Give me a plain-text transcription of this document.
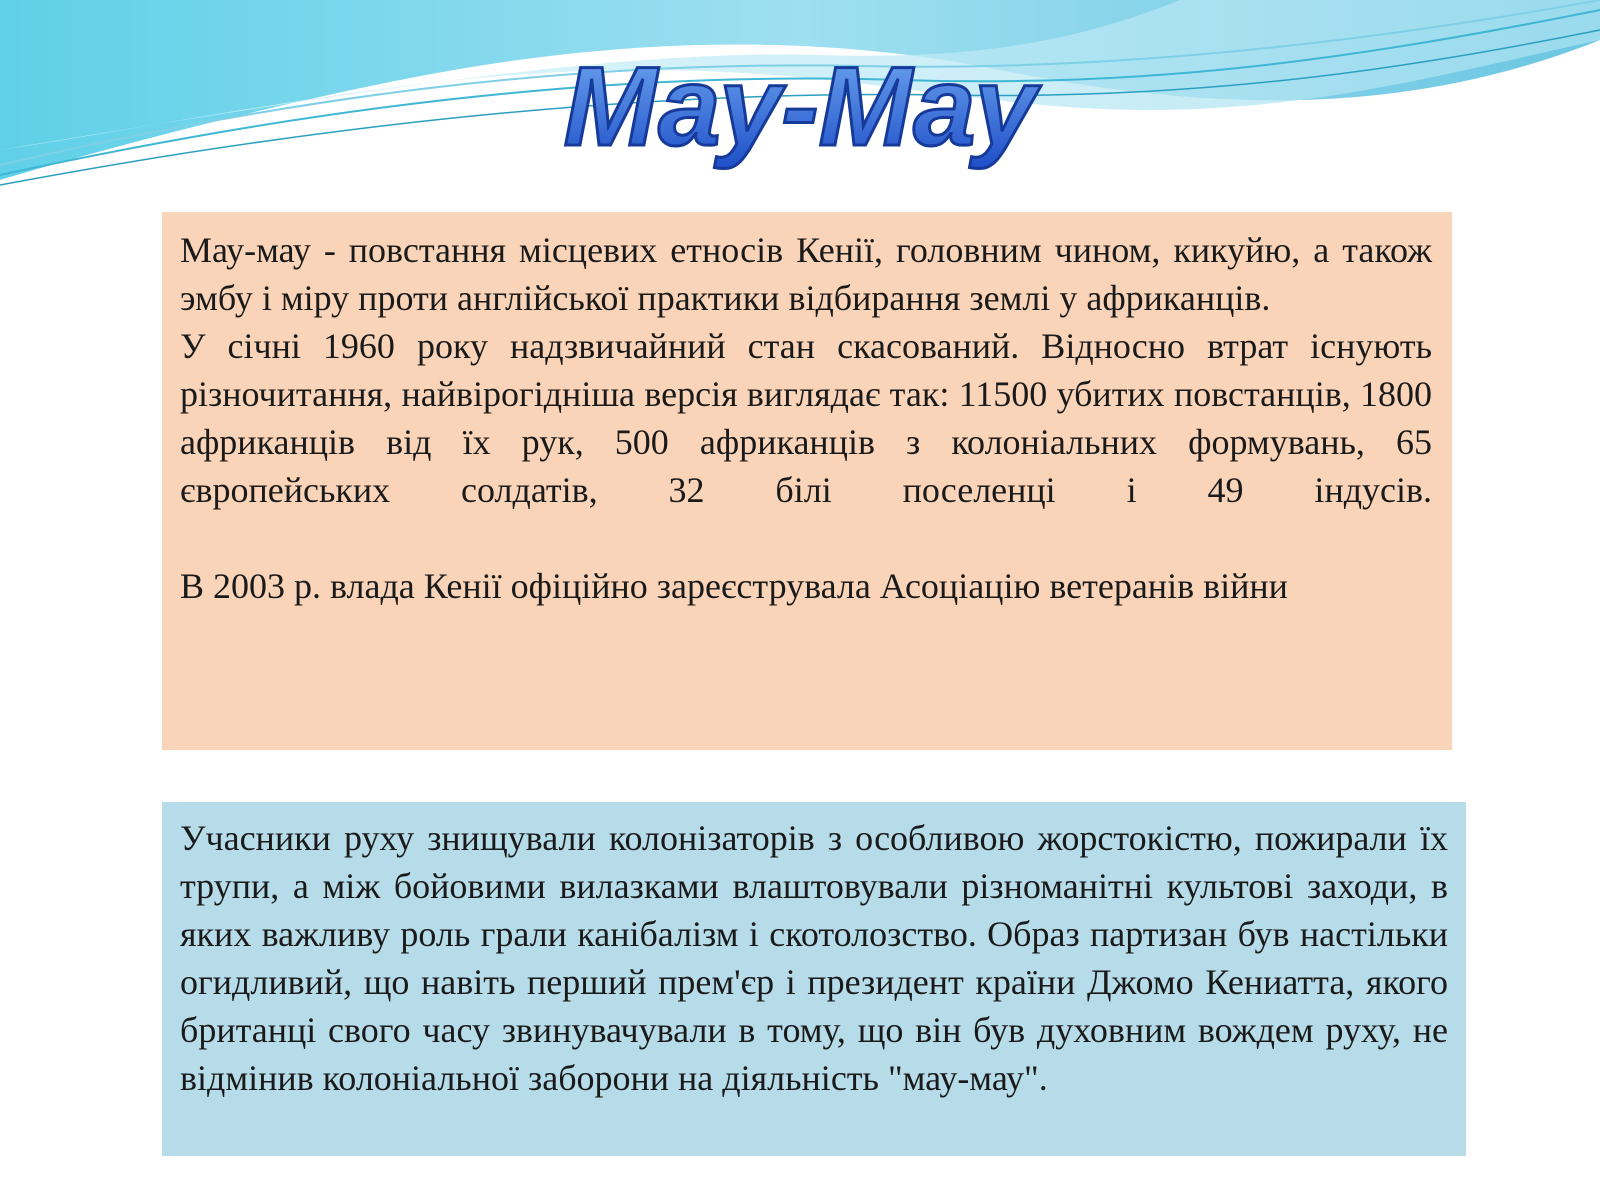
Мау-Мау

Мау-мау - повстання місцевих етносів Кенії, головним чином, кикуйю, а також эмбу і міру проти англійської практики відбирання землі у африканців.

У січні 1960 року надзвичайний стан скасований. Відносно втрат існують різночитання, найвірогідніша версія виглядає так: 11500 убитих повстанців, 1800 африканців від їх рук, 500 африканців з колоніальних формувань, 65 європейських солдатів, 32 білі поселенці і 49 індусів.

В 2003 р. влада Кенії офіційно зареєструвала Асоціацію ветеранів війни

Учасники руху знищували колонізаторів з особливою жорстокістю, пожирали їх трупи, а між бойовими вилазками влаштовували різноманітні культові заходи, в яких важливу роль грали канібалізм і скотолозство. Образ партизан був настільки огидливий, що навіть перший прем'єр і президент країни Джомо Кениатта, якого британці свого часу звинувачували в тому, що він був духовним вождем руху, не відмінив колоніальної заборони на діяльність "мау-мау".
